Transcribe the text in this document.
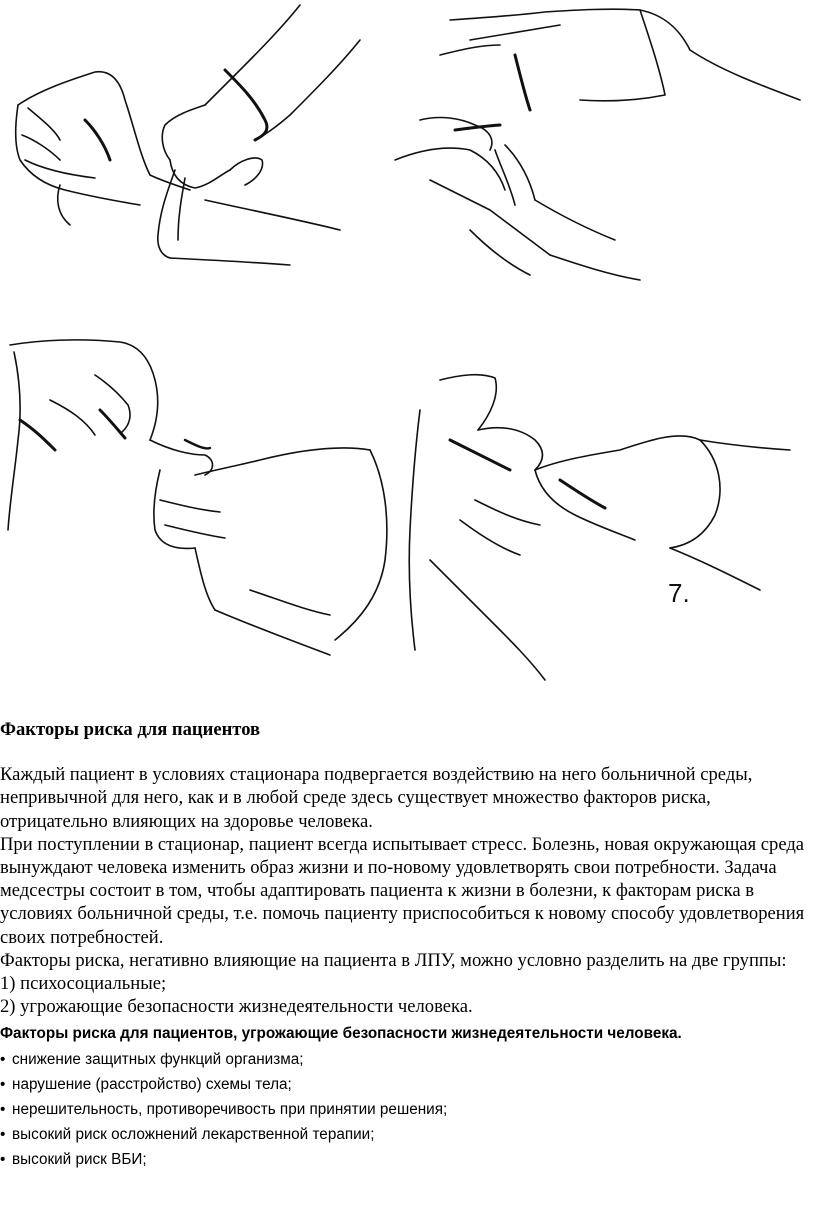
7.
Факторы риска для пациентов

Каждый пациент в условиях стационара подвергается воздействию на него больничной среды, непривычной для него, как и в любой среде здесь существует множество факторов риска, отрицательно влияющих на здоровье человека.

При поступлении в стационар, пациент всегда испытывает стресс. Болезнь, новая окружающая среда вынуждают человека изменить образ жизни и по-новому удовлетворять свои потребности. Задача медсестры состоит в том, чтобы адаптировать пациента к жизни в болезни, к факторам риска в условиях больничной среды, т.е. помочь пациенту приспособиться к новому способу удовлетворения своих потребностей.

Факторы риска, негативно влияющие на пациента в ЛПУ, можно условно разделить на две группы:

1) психосоциальные;

2) угрожающие безопасности жизнедеятельности человека.

Факторы риска для пациентов, угрожающие безопасности жизнедеятельности человека.
• снижение защитных функций организма;
• нарушение (расстройство) схемы тела;
• нерешительность, противоречивость при принятии решения;
• высокий риск осложнений лекарственной терапии;
• высокий риск ВБИ;
